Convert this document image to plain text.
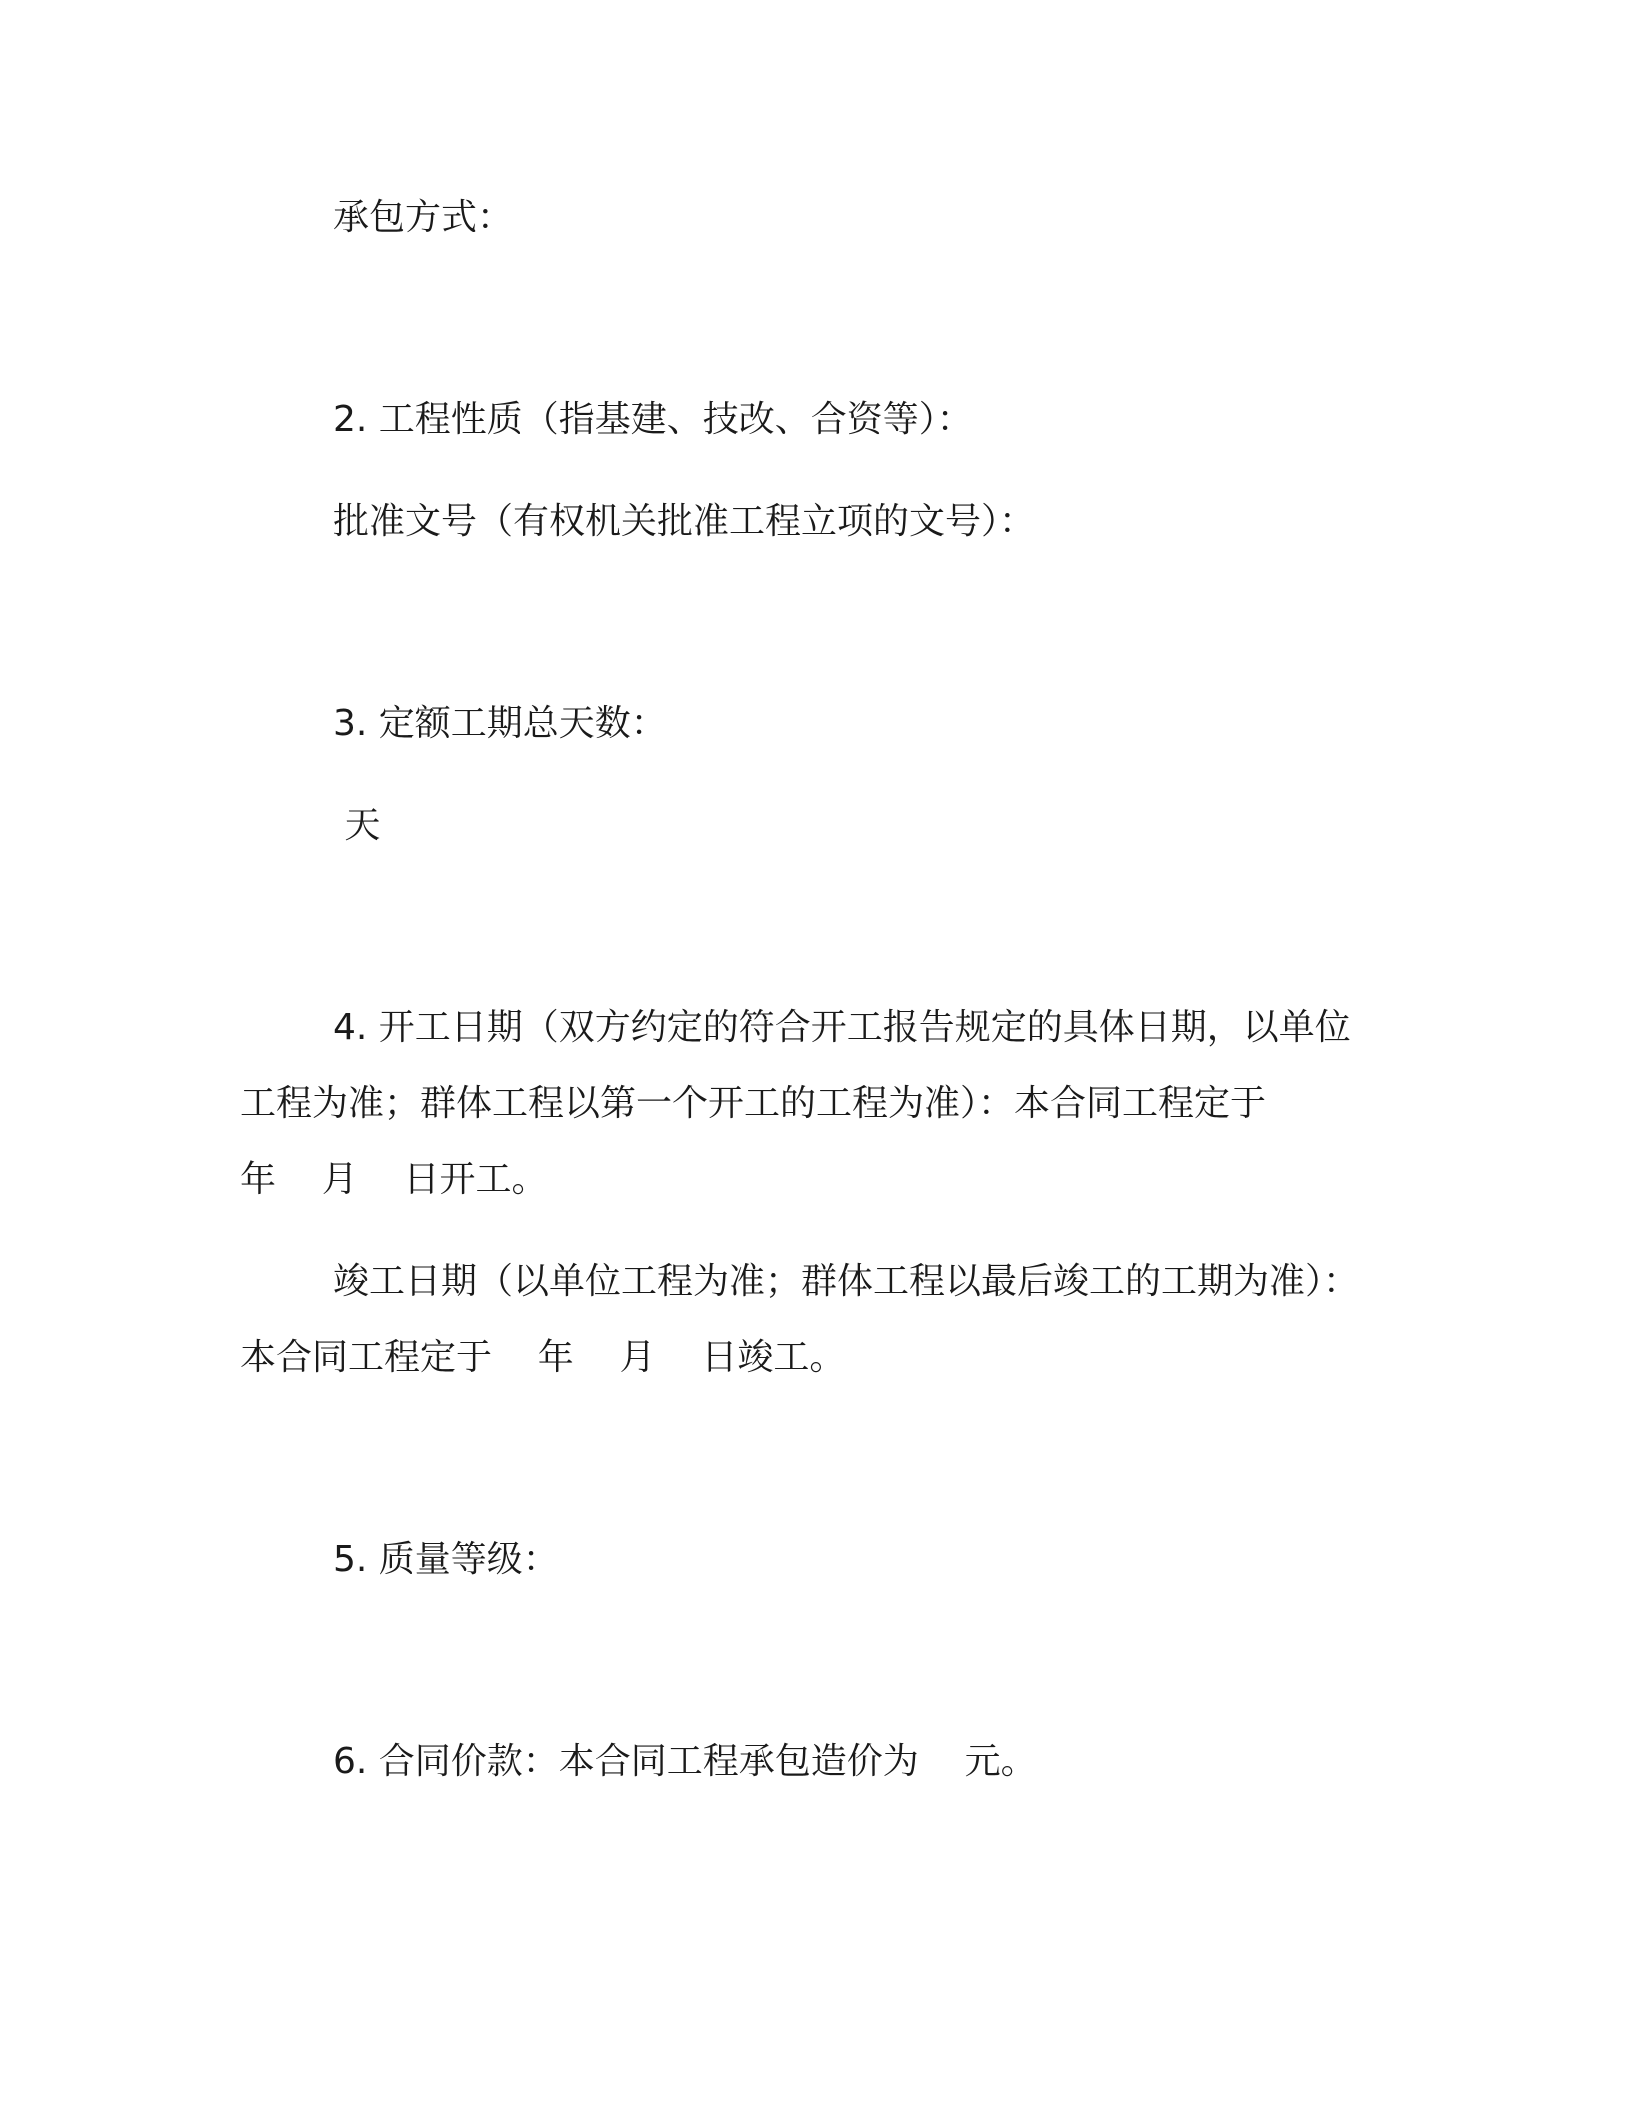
承包方式：
2. 工程性质（指基建、技改、合资等）：
批准文号（有权机关批准工程立项的文号）：
3. 定额工期总天数：
天
4. 开工日期（双方约定的符合开工报告规定的具体日期，以单位
工程为准；群体工程以第一个开工的工程为准）：本合同工程定于
年    月    日开工。
竣工日期（以单位工程为准；群体工程以最后竣工的工期为准）：
本合同工程定于    年    月    日竣工。
5. 质量等级：
6. 合同价款：本合同工程承包造价为    元。
